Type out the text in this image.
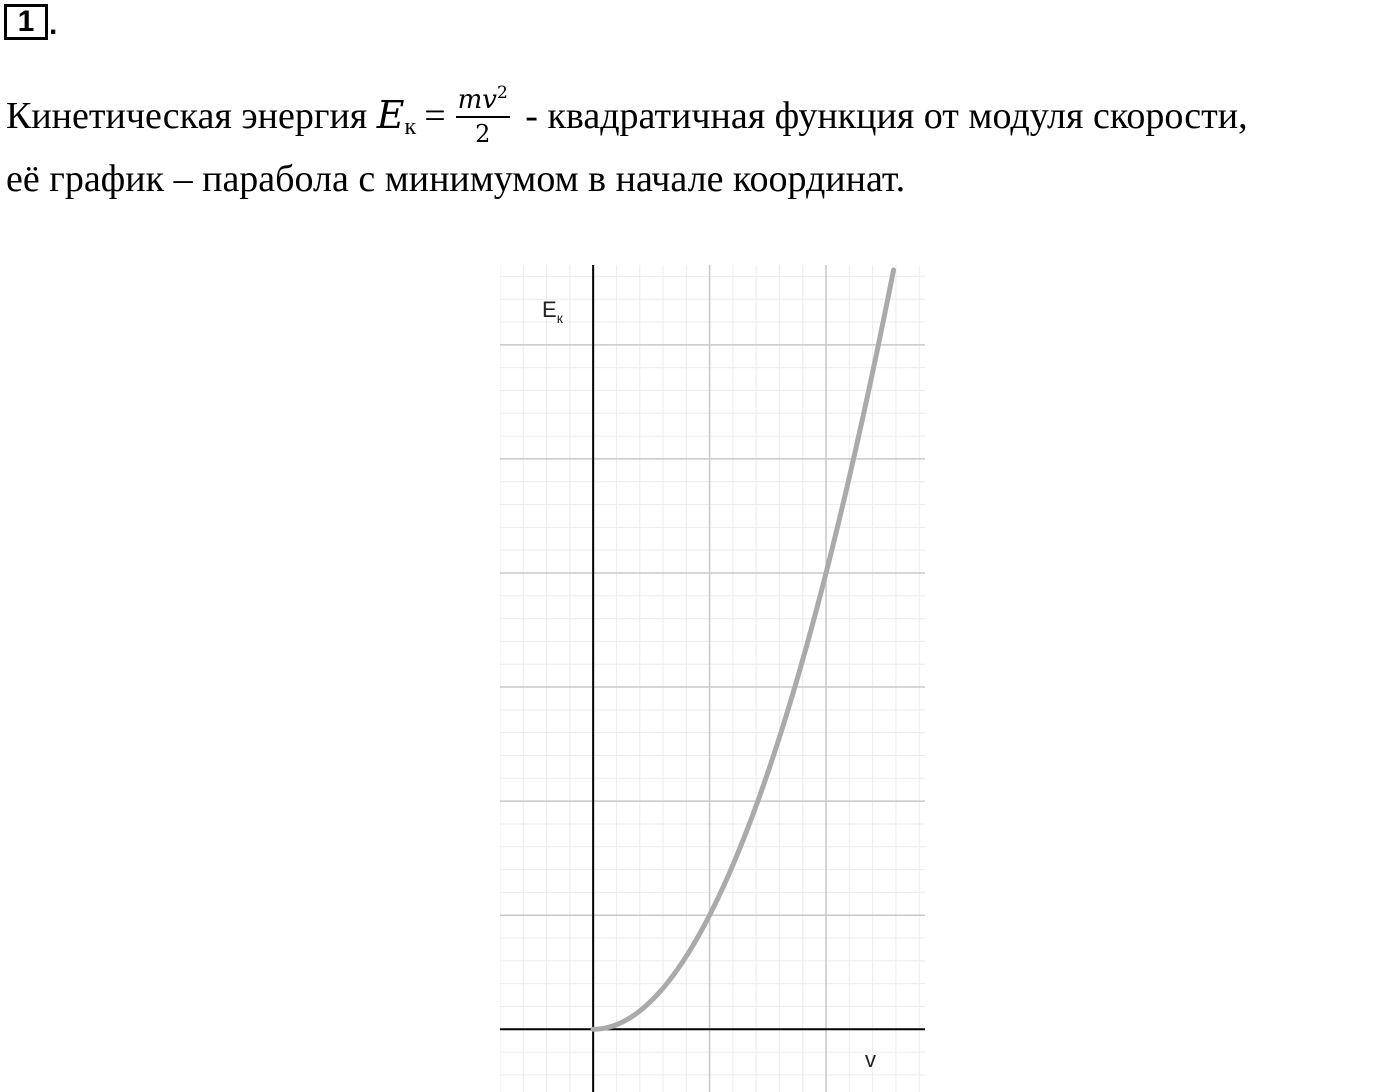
1 .
Кинетическая энергия Eк = $\frac{mv^2}{2}$ - квадратичная функция от модуля скорости,
её график – парабола с минимумом в начале координат.
$E_к$
v
